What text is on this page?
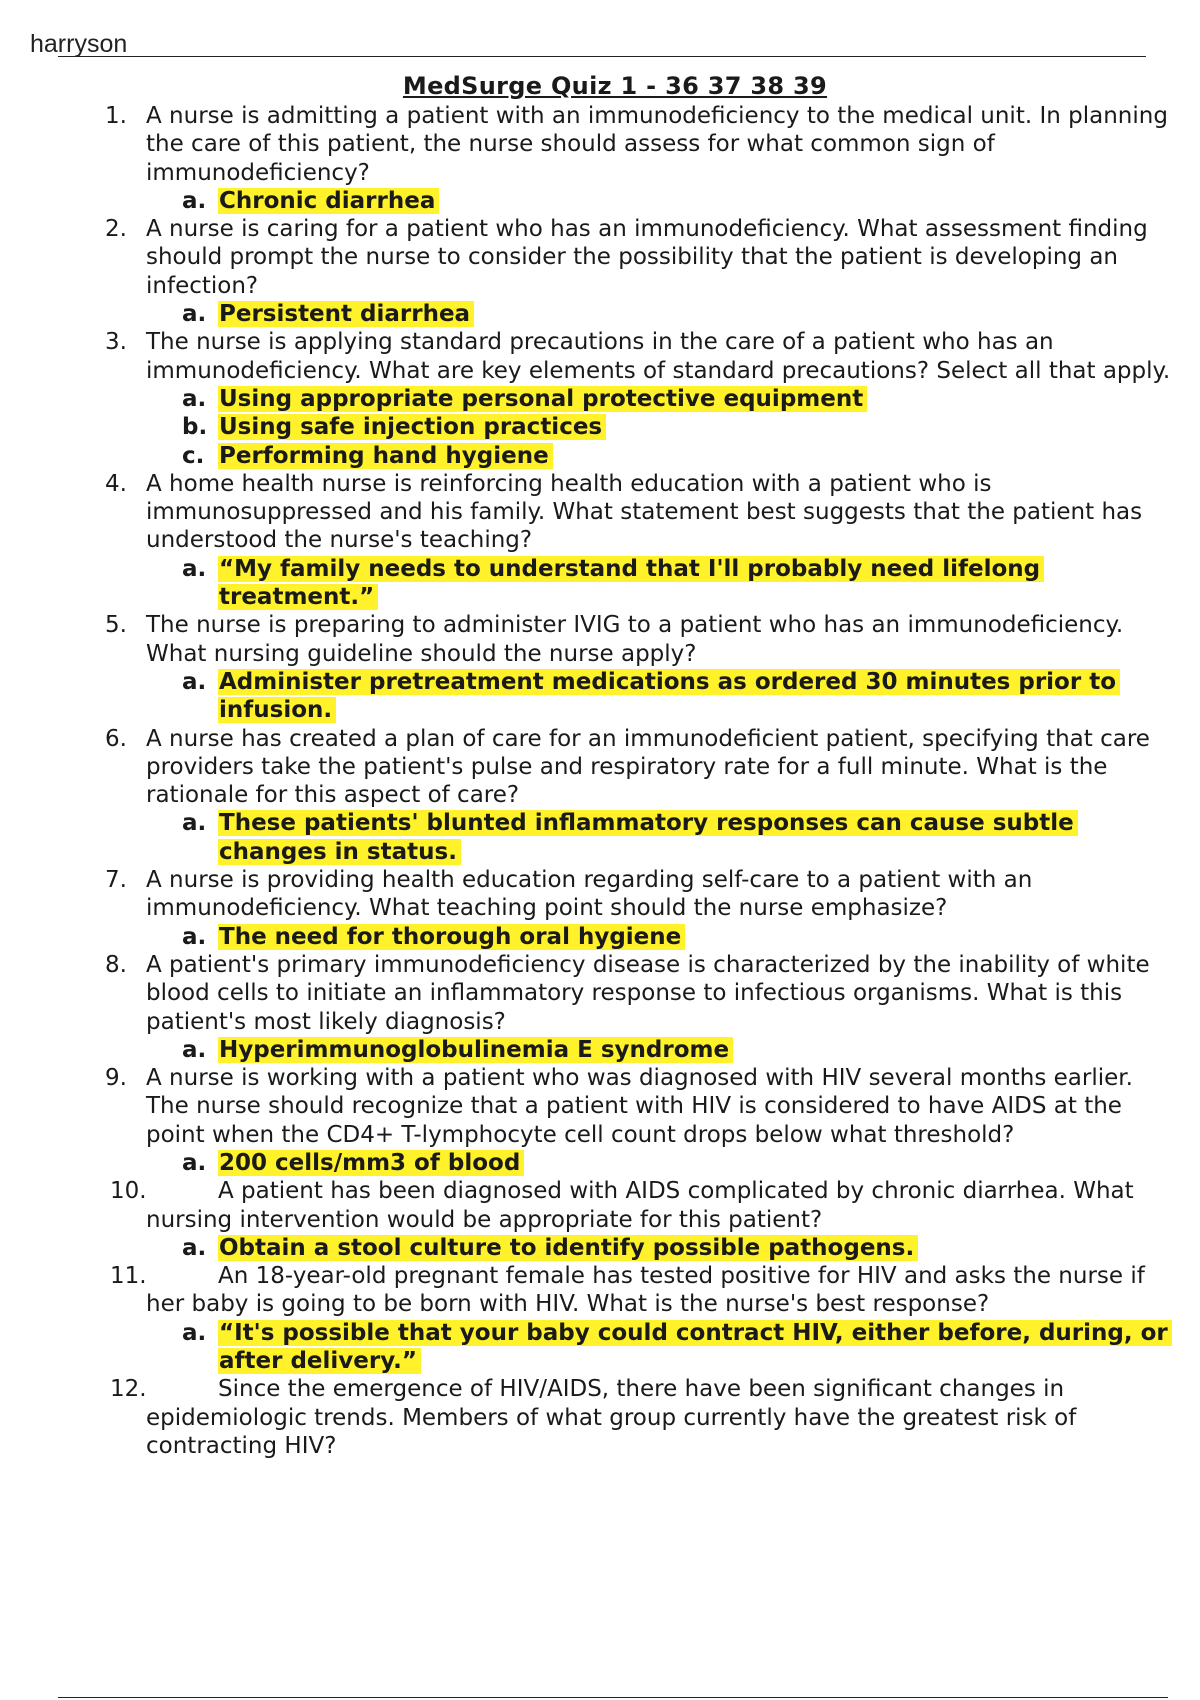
harryson
MedSurge Quiz 1 - 36 37 38 39
1. A nurse is admitting a patient with an immunodeficiency to the medical unit. In planning the care of this patient, the nurse should assess for what common sign of immunodeficiency?
a. Chronic diarrhea
2. A nurse is caring for a patient who has an immunodeficiency. What assessment finding should prompt the nurse to consider the possibility that the patient is developing an infection?
a. Persistent diarrhea
3. The nurse is applying standard precautions in the care of a patient who has an immunodeficiency. What are key elements of standard precautions? Select all that apply.
a. Using appropriate personal protective equipment
b. Using safe injection practices
c. Performing hand hygiene
4. A home health nurse is reinforcing health education with a patient who is immunosuppressed and his family. What statement best suggests that the patient has understood the nurse's teaching?
a. “My family needs to understand that I'll probably need lifelong treatment.”
5. The nurse is preparing to administer IVIG to a patient who has an immunodeficiency. What nursing guideline should the nurse apply?
a. Administer pretreatment medications as ordered 30 minutes prior to infusion.
6. A nurse has created a plan of care for an immunodeficient patient, specifying that care providers take the patient's pulse and respiratory rate for a full minute. What is the rationale for this aspect of care?
a. These patients' blunted inflammatory responses can cause subtle changes in status.
7. A nurse is providing health education regarding self-care to a patient with an immunodeficiency. What teaching point should the nurse emphasize?
a. The need for thorough oral hygiene
8. A patient's primary immunodeficiency disease is characterized by the inability of white blood cells to initiate an inflammatory response to infectious organisms. What is this patient's most likely diagnosis?
a. Hyperimmunoglobulinemia E syndrome
9. A nurse is working with a patient who was diagnosed with HIV several months earlier. The nurse should recognize that a patient with HIV is considered to have AIDS at the point when the CD4+ T-lymphocyte cell count drops below what threshold?
a. 200 cells/mm3 of blood
10.	A patient has been diagnosed with AIDS complicated by chronic diarrhea. What nursing intervention would be appropriate for this patient?
a. Obtain a stool culture to identify possible pathogens.
11.	An 18-year-old pregnant female has tested positive for HIV and asks the nurse if her baby is going to be born with HIV. What is the nurse's best response?
a. “It's possible that your baby could contract HIV, either before, during, or after delivery.”
12.	Since the emergence of HIV/AIDS, there have been significant changes in epidemiologic trends. Members of what group currently have the greatest risk of contracting HIV?
